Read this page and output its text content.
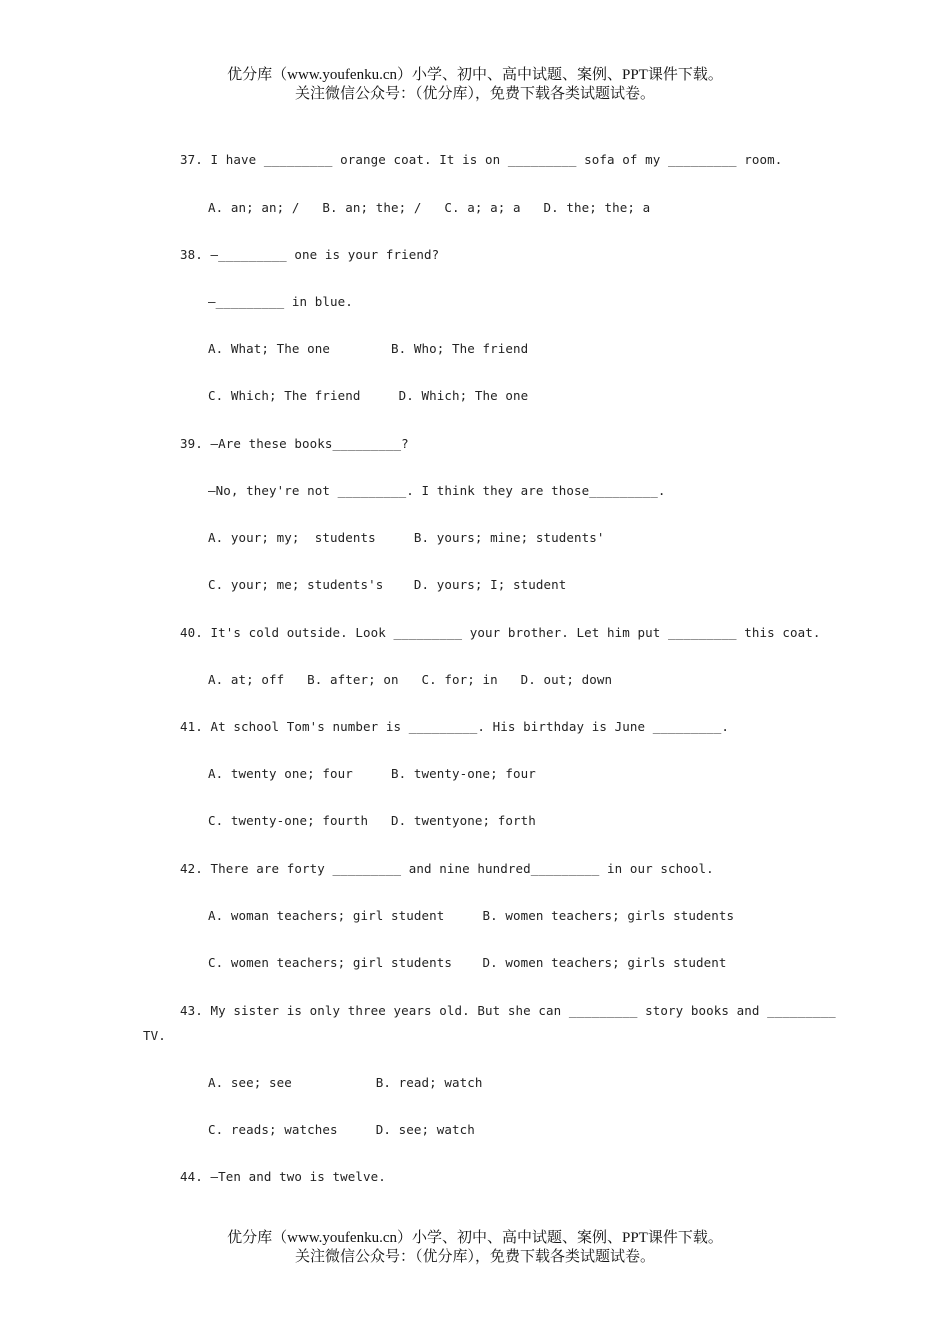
优分库（www.youfenku.cn）小学、初中、高中试题、案例、PPT课件下载。
关注微信公众号：（优分库），免费下载各类试题试卷。
37. I have _________ orange coat. It is on _________ sofa of my _________ room.
A. an; an; /   B. an; the; /   C. a; a; a   D. the; the; a
38. —_________ one is your friend?
—_________ in blue.
A. What; The one        B. Who; The friend
C. Which; The friend     D. Which; The one
39. —Are these books_________?
—No, they're not _________. I think they are those_________.
A. your; my;  students     B. yours; mine; students'
C. your; me; students's    D. yours; I; student
40. It's cold outside. Look _________ your brother. Let him put _________ this coat.
A. at; off   B. after; on   C. for; in   D. out; down
41. At school Tom's number is _________. His birthday is June _________.
A. twenty one; four     B. twenty-one; four
C. twenty-one; fourth   D. twentyone; forth
42. There are forty _________ and nine hundred_________ in our school.
A. woman teachers; girl student     B. women teachers; girls students
C. women teachers; girl students    D. women teachers; girls student
43. My sister is only three years old. But she can _________ story books and _________
TV.
A. see; see           B. read; watch
C. reads; watches     D. see; watch
44. —Ten and two is twelve.
优分库（www.youfenku.cn）小学、初中、高中试题、案例、PPT课件下载。
关注微信公众号：（优分库），免费下载各类试题试卷。
